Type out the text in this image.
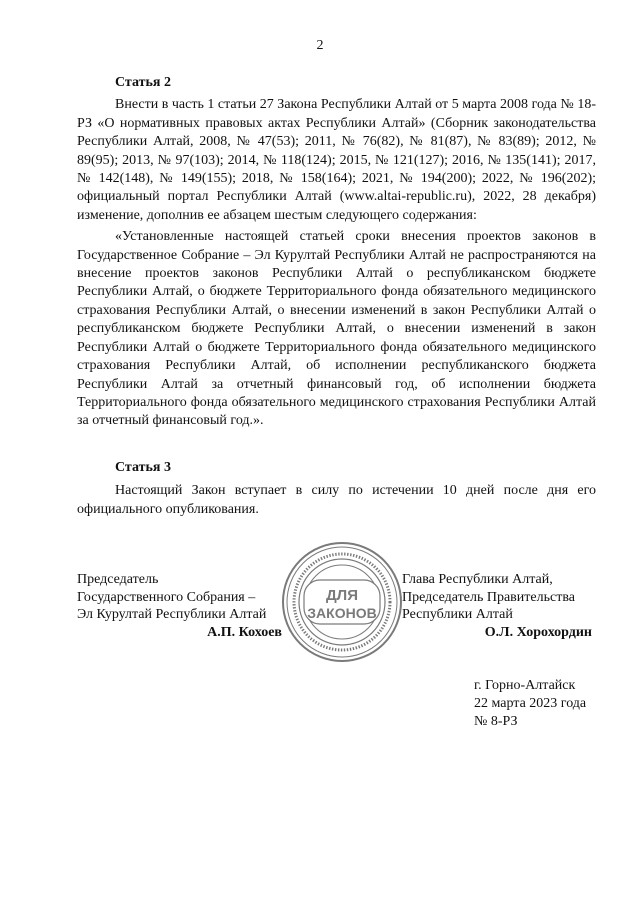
2
Статья 2

Внести в часть 1 статьи 27 Закона Республики Алтай от 5 марта 2008 года № 18-РЗ «О нормативных правовых актах Республики Алтай» (Сборник законодательства Республики Алтай, 2008, № 47(53); 2011, № 76(82), № 81(87), № 83(89); 2012, № 89(95); 2013, № 97(103); 2014, № 118(124); 2015, № 121(127); 2016, № 135(141); 2017, № 142(148), № 149(155); 2018, № 158(164); 2021, № 194(200); 2022, № 196(202); официальный портал Республики Алтай (www.altai-republic.ru), 2022, 28 декабря) изменение, дополнив ее абзацем шестым следующего содержания:

«Установленные настоящей статьей сроки внесения проектов законов в Государственное Собрание – Эл Курултай Республики Алтай не распространяются на внесение проектов законов Республики Алтай о республиканском бюджете Республики Алтай, о бюджете Территориального фонда обязательного медицинского страхования Республики Алтай, о внесении изменений в закон Республики Алтай о республиканском бюджете Республики Алтай, о внесении изменений в закон Республики Алтай о бюджете Территориального фонда обязательного медицинского страхования Республики Алтай, об исполнении республиканского бюджета Республики Алтай за отчетный финансовый год, об исполнении бюджета Территориального фонда обязательного медицинского страхования Республики Алтай за отчетный финансовый год.».

Статья 3

Настоящий Закон вступает в силу по истечении 10 дней после дня его официального опубликования.

Председатель
Государственного Собрания –
Эл Курултай Республики Алтай
А.П. Кохоев
ДЛЯ
ЗАКОНОВ
Глава Республики Алтай,
Председатель Правительства
Республики Алтай
О.Л. Хорохордин
г. Горно-Алтайск
22 марта 2023 года
№ 8-РЗ
